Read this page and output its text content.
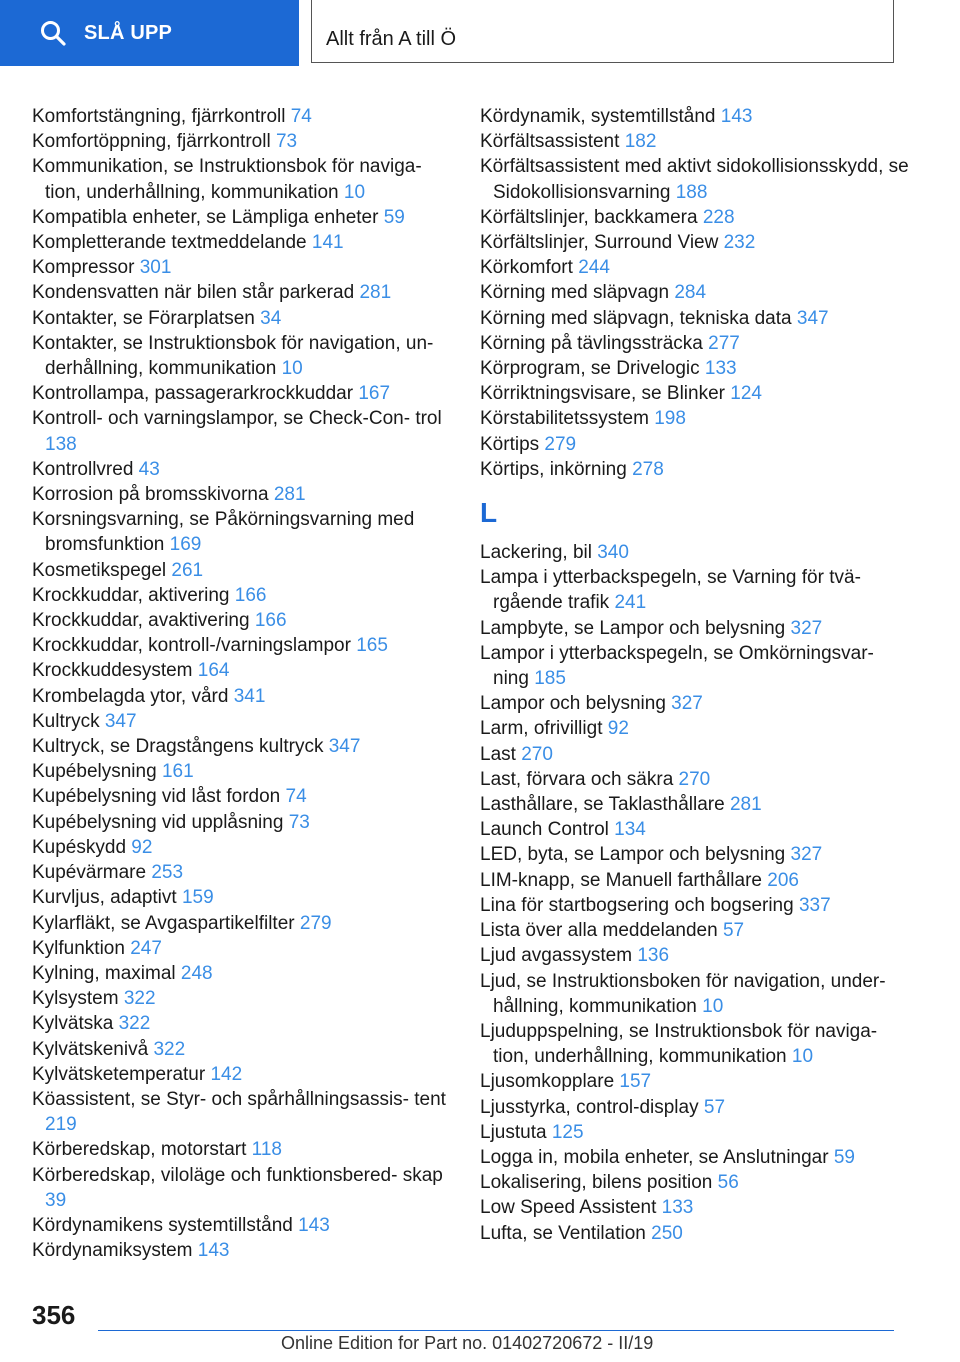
SLÅ UPP	Allt från A till Ö

Komfortstängning, fjärrkontroll 74

Komfortöppning, fjärrkontroll 73

Kommunikation, se Instruktionsbok för naviga- tion, underhållning, kommunikation 10

Kompatibla enheter, se Lämpliga enheter 59

Kompletterande textmeddelande 141

Kompressor 301

Kondensvatten när bilen står parkerad 281

Kontakter, se Förarplatsen 34

Kontakter, se Instruktionsbok för navigation, un- derhållning, kommunikation 10

Kontrollampa, passagerarkrockkuddar 167

Kontroll- och varningslampor, se Check-Con- trol 138

Kontrollvred 43

Korrosion på bromsskivorna 281

Korsningsvarning, se Påkörningsvarning med bromsfunktion 169

Kosmetikspegel 261

Krockkuddar, aktivering 166

Krockkuddar, avaktivering 166

Krockkuddar, kontroll-/varningslampor 165

Krockkuddesystem 164

Krombelagda ytor, vård 341

Kultryck 347

Kultryck, se Dragstångens kultryck 347

Kupébelysning 161

Kupébelysning vid låst fordon 74

Kupébelysning vid upplåsning 73

Kupéskydd 92

Kupévärmare 253

Kurvljus, adaptivt 159

Kylarfläkt, se Avgaspartikelfilter 279

Kylfunktion 247

Kylning, maximal 248

Kylsystem 322

Kylvätska 322

Kylvätskenivå 322

Kylvätsketemperatur 142

Köassistent, se Styr- och spårhållningsassis- tent 219

Körberedskap, motorstart 118

Körberedskap, viloläge och funktionsbered- skap 39

Kördynamikens systemtillstånd 143

Kördynamiksystem 143

Kördynamik, systemtillstånd 143

Körfältsassistent 182

Körfältsassistent med aktivt sidokollisionsskydd, se Sidokollisionsvarning 188

Körfältslinjer, backkamera 228

Körfältslinjer, Surround View 232

Körkomfort 244

Körning med släpvagn 284

Körning med släpvagn, tekniska data 347

Körning på tävlingssträcka 277

Körprogram, se Drivelogic 133

Körriktningsvisare, se Blinker 124

Körstabilitetssystem 198

Körtips 279

Körtips, inkörning 278

L

Lackering, bil 340

Lampa i ytterbackspegeln, se Varning för tvä- rgående trafik 241

Lampbyte, se Lampor och belysning 327

Lampor i ytterbackspegeln, se Omkörningsvar- ning 185

Lampor och belysning 327

Larm, ofrivilligt 92

Last 270

Last, förvara och säkra 270

Lasthållare, se Taklasthållare 281

Launch Control 134

LED, byta, se Lampor och belysning 327

LIM-knapp, se Manuell farthållare 206

Lina för startbogsering och bogsering 337

Lista över alla meddelanden 57

Ljud avgassystem 136

Ljud, se Instruktionsboken för navigation, under- hållning, kommunikation 10

Ljuduppspelning, se Instruktionsbok för naviga- tion, underhållning, kommunikation 10

Ljusomkopplare 157

Ljusstyrka, control-display 57

Ljustuta 125

Logga in, mobila enheter, se Anslutningar 59

Lokalisering, bilens position 56

Low Speed Assistent 133

Lufta, se Ventilation 250

356
Online Edition for Part no. 01402720672 - II/19
